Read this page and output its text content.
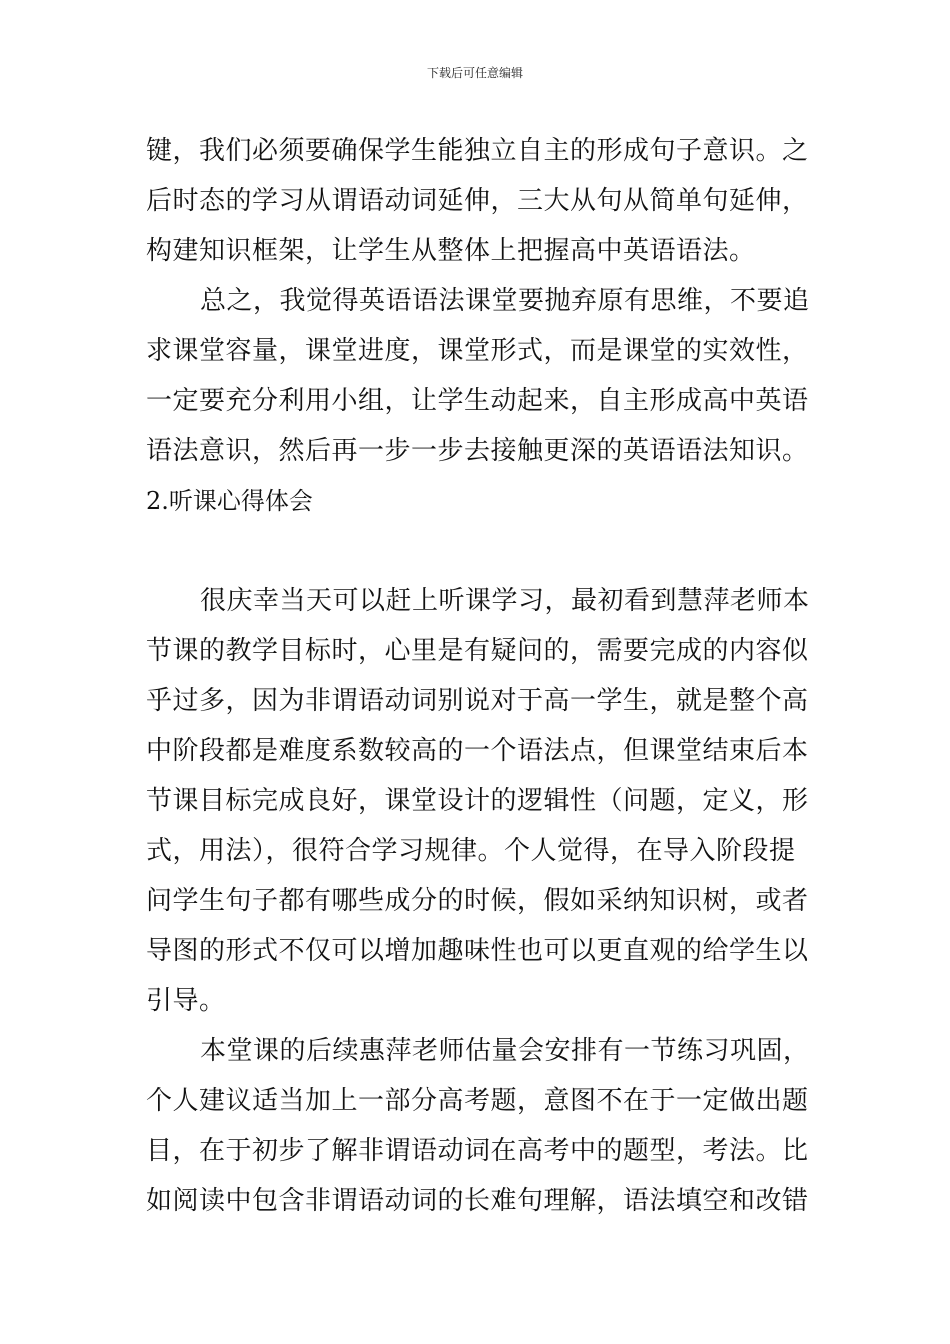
下载后可任意编辑
键，我们必须要确保学生能独立自主的形成句子意识。之
后时态的学习从谓语动词延伸，三大从句从简单句延伸，
构建知识框架，让学生从整体上把握高中英语语法。
总之，我觉得英语语法课堂要抛弃原有思维，不要追
求课堂容量，课堂进度，课堂形式，而是课堂的实效性，
一定要充分利用小组，让学生动起来，自主形成高中英语
语法意识，然后再一步一步去接触更深的英语语法知识。
2.听课心得体会
很庆幸当天可以赶上听课学习，最初看到慧萍老师本
节课的教学目标时，心里是有疑问的，需要完成的内容似
乎过多，因为非谓语动词别说对于高一学生，就是整个高
中阶段都是难度系数较高的一个语法点，但课堂结束后本
节课目标完成良好，课堂设计的逻辑性（问题，定义，形
式，用法），很符合学习规律。个人觉得，在导入阶段提
问学生句子都有哪些成分的时候，假如采纳知识树，或者
导图的形式不仅可以增加趣味性也可以更直观的给学生以
引导。
本堂课的后续惠萍老师估量会安排有一节练习巩固，
个人建议适当加上一部分高考题，意图不在于一定做出题
目，在于初步了解非谓语动词在高考中的题型，考法。比
如阅读中包含非谓语动词的长难句理解，语法填空和改错
